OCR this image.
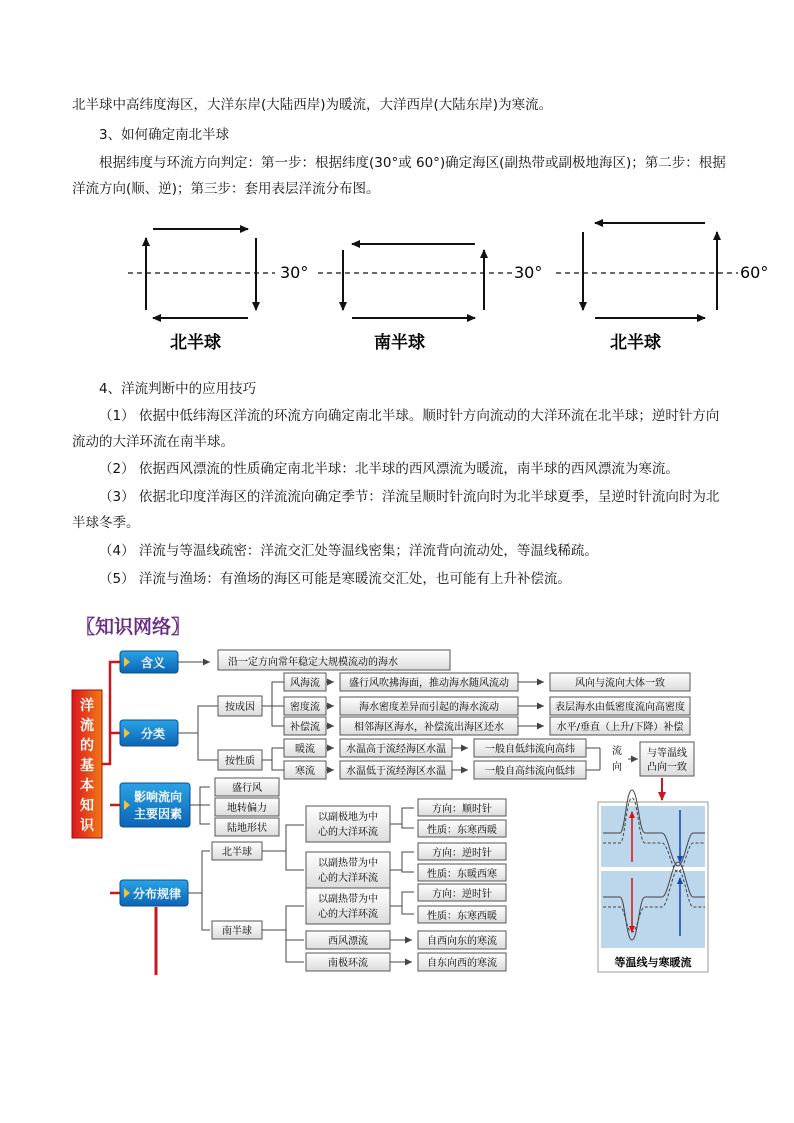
北半球中高纬度海区，大洋东岸(大陆西岸)为暖流，大洋西岸(大陆东岸)为寒流。

3、如何确定南北半球

根据纬度与环流方向判定：第一步：根据纬度(30°或 60°)确定海区(副热带或副极地海区)；第二步：根据洋流方向(顺、逆)；第三步：套用表层洋流分布图。

30°
北半球
30°
南半球
60°
北半球

4、洋流判断中的应用技巧

（1） 依据中低纬海区洋流的环流方向确定南北半球。顺时针方向流动的大洋环流在北半球；逆时针方向流动的大洋环流在南半球。

（2） 依据西风漂流的性质确定南北半球：北半球的西风漂流为暖流，南半球的西风漂流为寒流。

（3） 依据北印度洋海区的洋流流向确定季节：洋流呈顺时针流向时为北半球夏季，呈逆时针流向时为北半球冬季。

（4） 洋流与等温线疏密：洋流交汇处等温线密集；洋流背向流动处，等温线稀疏。

（5） 洋流与渔场：有渔场的海区可能是寒暖流交汇处，也可能有上升补偿流。

〖知识网络〗
洋流的基本知识
含义
分类
影响流向主要因素
分布规律
沿一定方向常年稳定大规模流动的海水
按成因
按性质
风海流
密度流
补偿流
盛行风吹拂海面，推动海水随风流动
海水密度差异而引起的海水流动
相邻海区海水，补偿流出海区还水
风向与流向大体一致
表层海水由低密度流向高密度
水平/垂直（上升/下降）补偿
暖流
寒流
水温高于流经海区水温
水温低于流经海区水温
一般自低纬流向高纬
一般自高纬流向低纬
流向
与等温线凸向一致
盛行风
地转偏力
陆地形状
北半球
南半球
以副极地为中心的大洋环流
以副热带为中心的大洋环流
方向：顺时针
性质：东寒西暖
方向：逆时针
性质：东暖西寒
以副热带为中心的大洋环流
方向：逆时针
性质：东寒西暖
西风漂流
南极环流
自西向东的寒流
自东向西的寒流	等温线与寒暖流
